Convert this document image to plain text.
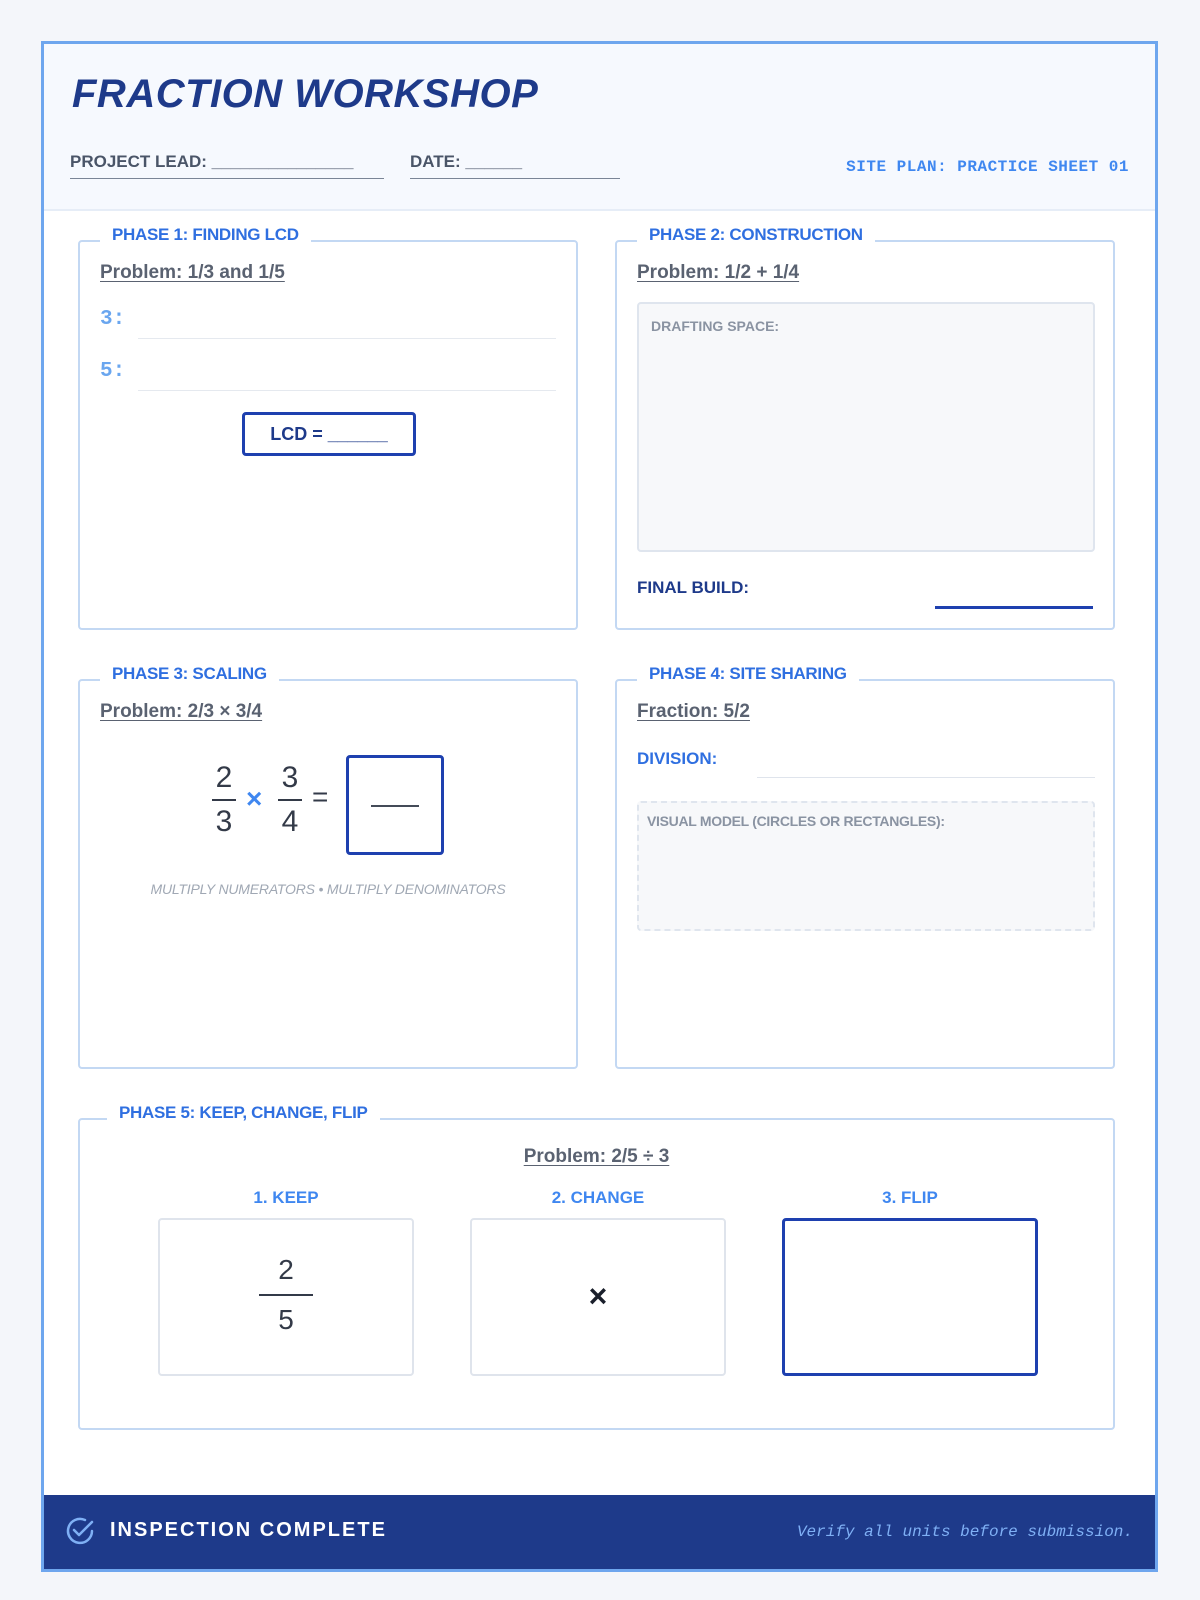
FRACTION WORKSHOP
PROJECT LEAD: _______________	DATE: ______	SITE PLAN: PRACTICE SHEET 01
PHASE 1: FINDING LCD
Problem: 1/3 and 1/5
3:
5:
LCD = ______
PHASE 2: CONSTRUCTION
Problem: 1/2 + 1/4
DRAFTING SPACE:
FINAL BUILD:
PHASE 3: SCALING
Problem: 2/3 × 3/4
2
3
×
3
4
=
MULTIPLY NUMERATORS • MULTIPLY DENOMINATORS
PHASE 4: SITE SHARING
Fraction: 5/2
DIVISION:
VISUAL MODEL (CIRCLES OR RECTANGLES):
PHASE 5: KEEP, CHANGE, FLIP
Problem: 2/5 ÷ 3
1. KEEP
2
5
2. CHANGE
×
3. FLIP
INSPECTION COMPLETE	Verify all units before submission.
